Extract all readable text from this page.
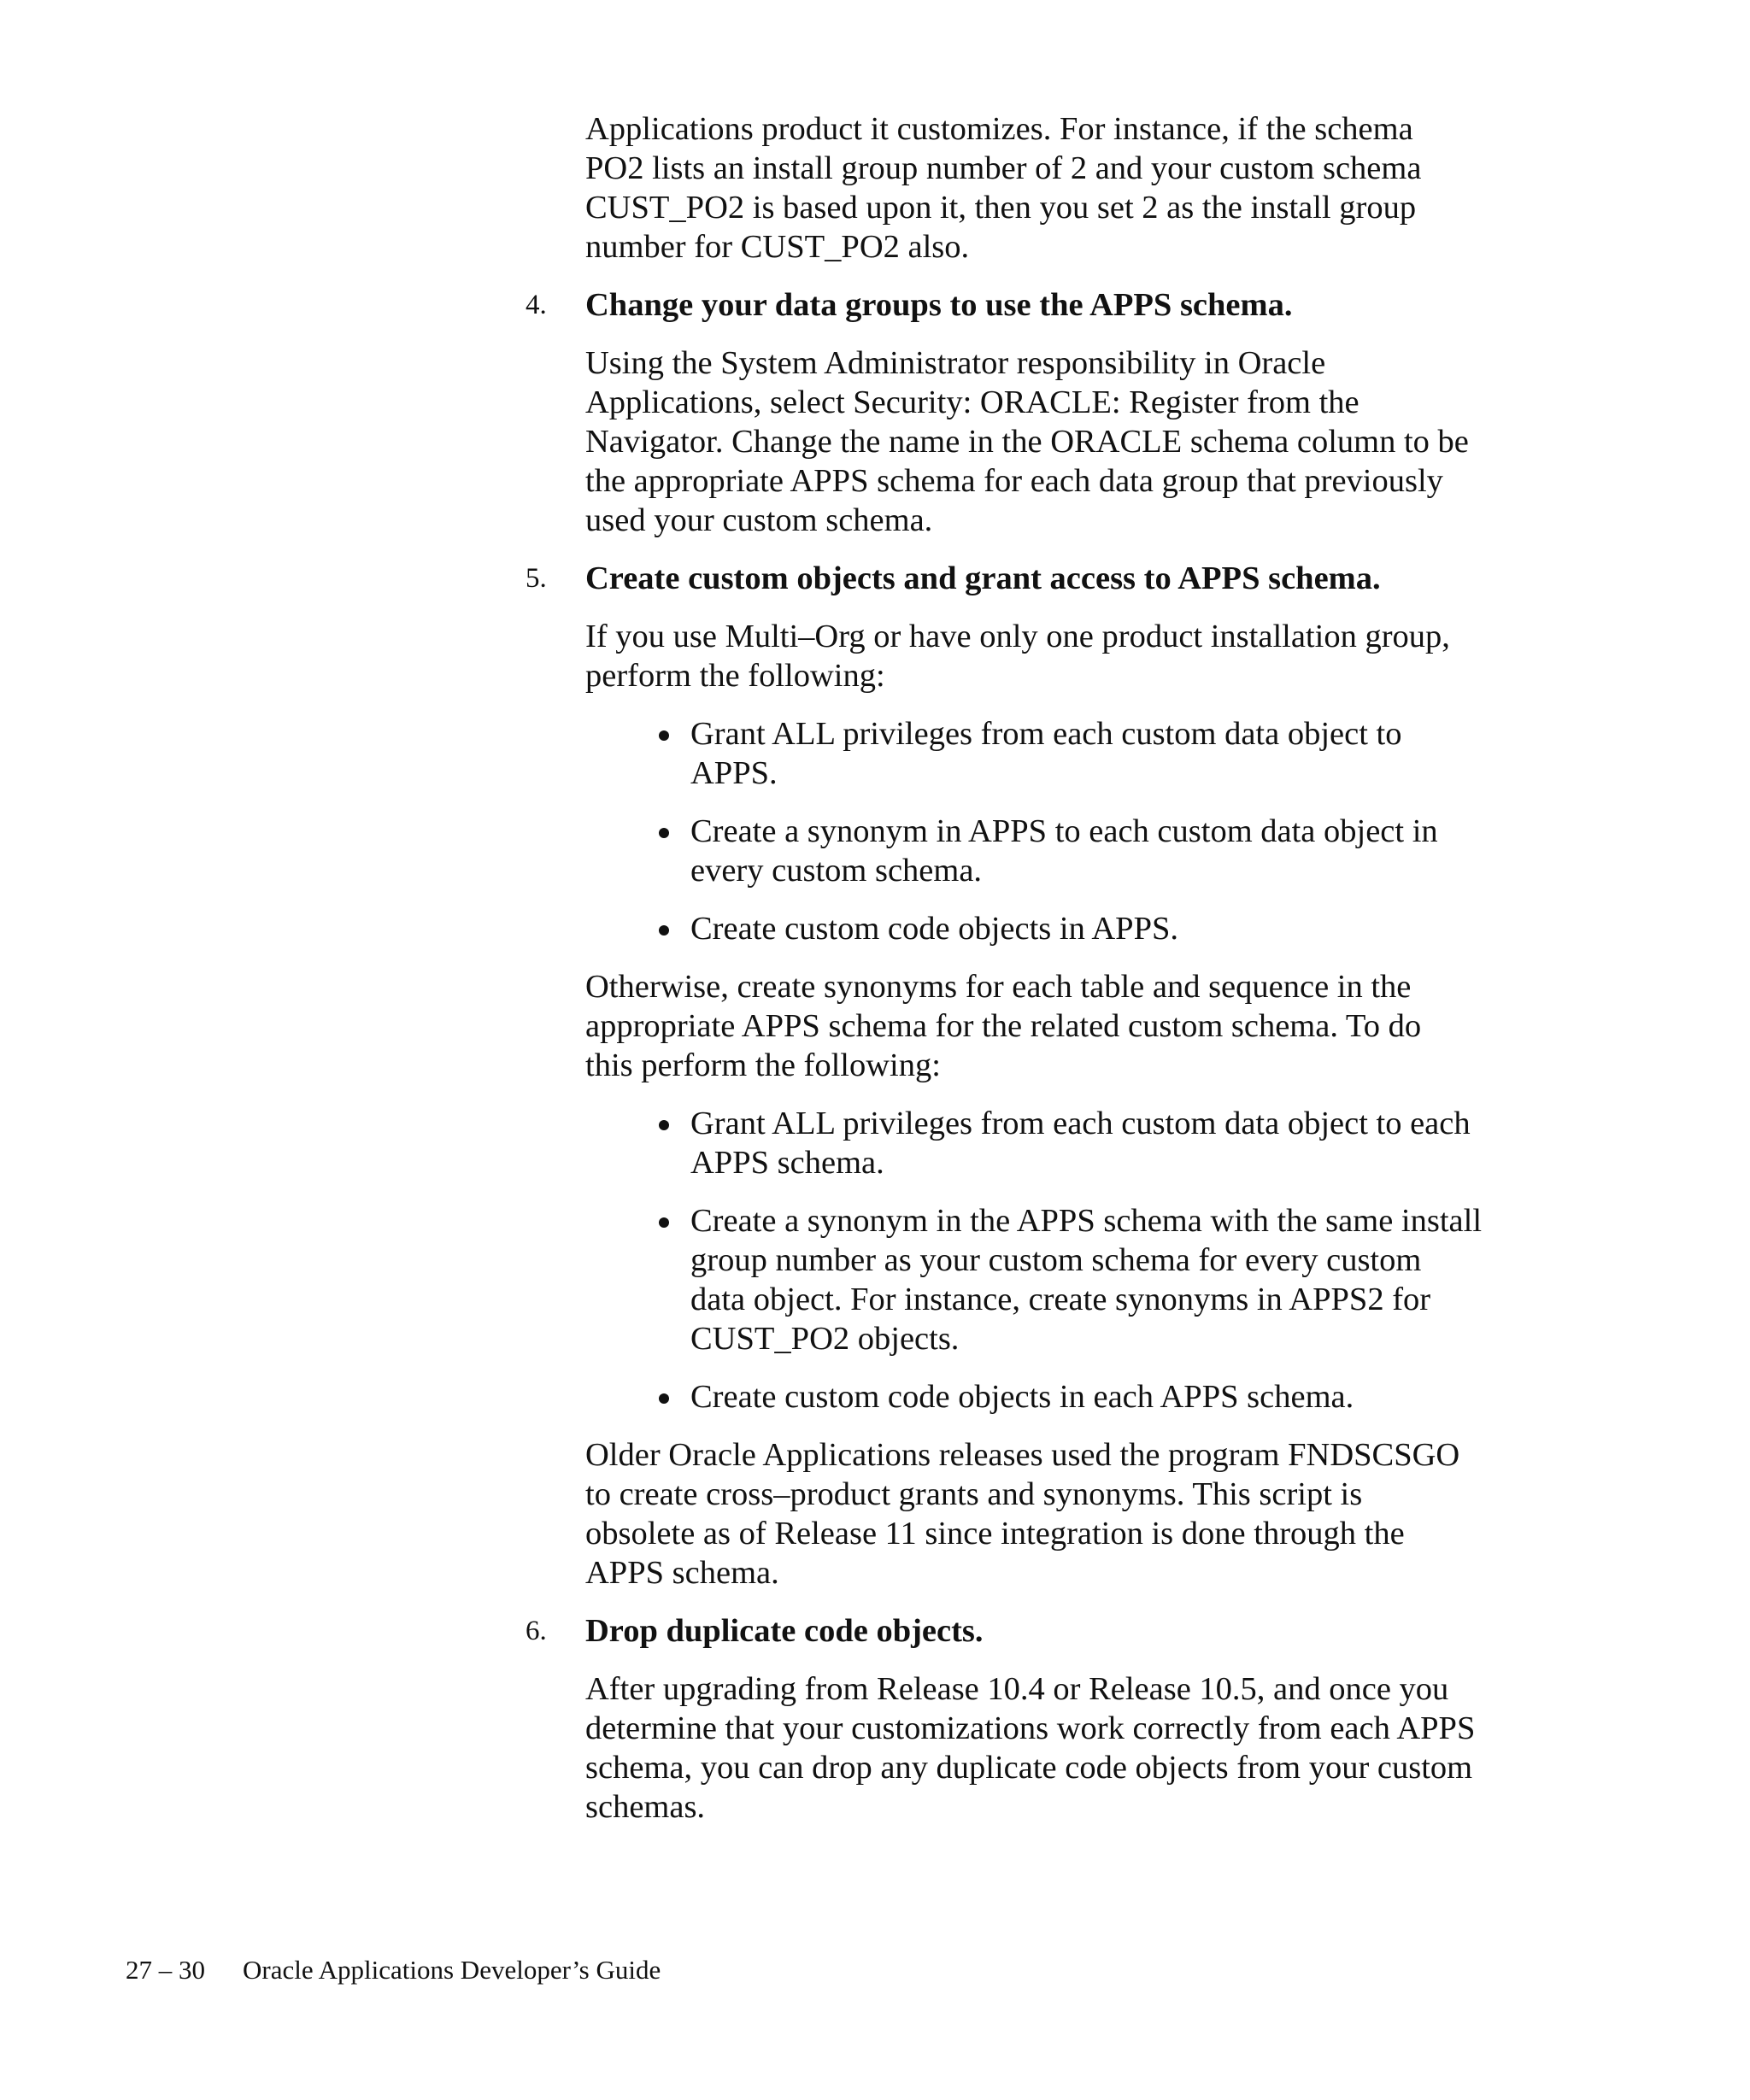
Applications product it customizes. For instance, if the schema
PO2 lists an install group number of 2 and your custom schema
CUST_PO2 is based upon it, then you set 2 as the install group
number for CUST_PO2 also.

4. Change your data groups to use the APPS schema.

Using the System Administrator responsibility in Oracle
Applications, select Security: ORACLE: Register from the
Navigator. Change the name in the ORACLE schema column to be
the appropriate APPS schema for each data group that previously
used your custom schema.

5. Create custom objects and grant access to APPS schema.

If you use Multi–Org or have only one product installation group,
perform the following:

Grant ALL privileges from each custom data object to
APPS.
Create a synonym in APPS to each custom data object in
every custom schema.
Create custom code objects in APPS.

Otherwise, create synonyms for each table and sequence in the
appropriate APPS schema for the related custom schema. To do
this perform the following:

Grant ALL privileges from each custom data object to each
APPS schema.
Create a synonym in the APPS schema with the same install
group number as your custom schema for every custom
data object. For instance, create synonyms in APPS2 for
CUST_PO2 objects.
Create custom code objects in each APPS schema.

Older Oracle Applications releases used the program FNDSCSGO
to create cross–product grants and synonyms. This script is
obsolete as of Release 11 since integration is done through the
APPS schema.

6. Drop duplicate code objects.

After upgrading from Release 10.4 or Release 10.5, and once you
determine that your customizations work correctly from each APPS
schema, you can drop any duplicate code objects from your custom
schemas.

27 – 30 Oracle Applications Developer’s Guide
